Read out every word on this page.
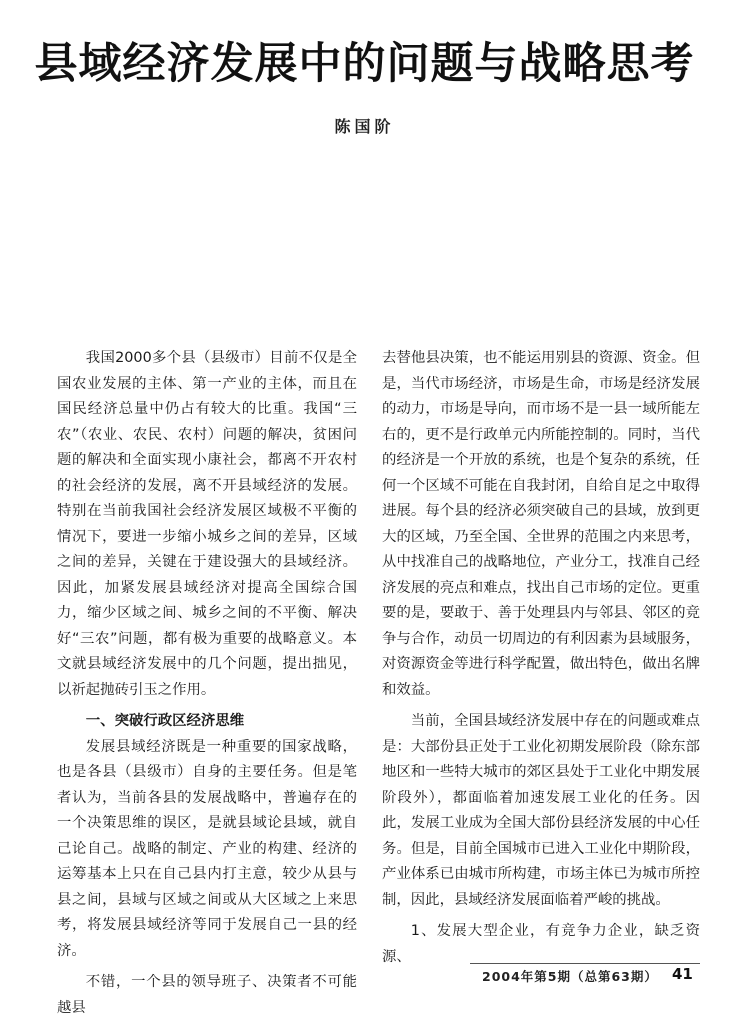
县域经济发展中的问题与战略思考
陈国阶

我国2000多个县（县级市）目前不仅是全国农业发展的主体、第一产业的主体，而且在国民经济总量中仍占有较大的比重。我国“三农”（农业、农民、农村）问题的解决，贫困问题的解决和全面实现小康社会，都离不开农村的社会经济的发展，离不开县域经济的发展。特别在当前我国社会经济发展区域极不平衡的情况下，要进一步缩小城乡之间的差异，区域之间的差异，关键在于建设强大的县域经济。因此，加紧发展县域经济对提高全国综合国力，缩少区域之间、城乡之间的不平衡、解决好“三农”问题，都有极为重要的战略意义。本文就县域经济发展中的几个问题，提出拙见，以祈起抛砖引玉之作用。

一、突破行政区经济思维

发展县域经济既是一种重要的国家战略，也是各县（县级市）自身的主要任务。但是笔者认为，当前各县的发展战略中，普遍存在的一个决策思维的误区，是就县域论县域，就自己论自己。战略的制定、产业的构建、经济的运筹基本上只在自己县内打主意，较少从县与县之间，县域与区域之间或从大区域之上来思考，将发展县域经济等同于发展自己一县的经济。

不错，一个县的领导班子、决策者不可能越县

去替他县决策，也不能运用别县的资源、资金。但是，当代市场经济，市场是生命，市场是经济发展的动力，市场是导向，而市场不是一县一域所能左右的，更不是行政单元内所能控制的。同时，当代的经济是一个开放的系统，也是个复杂的系统，任何一个区域不可能在自我封闭，自给自足之中取得进展。每个县的经济必须突破自己的县域，放到更大的区域，乃至全国、全世界的范围之内来思考，从中找准自己的战略地位，产业分工，找准自己经济发展的亮点和难点，找出自己市场的定位。更重要的是，要敢于、善于处理县内与邻县、邻区的竞争与合作，动员一切周边的有利因素为县域服务，对资源资金等进行科学配置，做出特色，做出名牌和效益。

当前，全国县域经济发展中存在的问题或难点是：大部份县正处于工业化初期发展阶段（除东部地区和一些特大城市的郊区县处于工业化中期发展阶段外），都面临着加速发展工业化的任务。因此，发展工业成为全国大部份县经济发展的中心任务。但是，目前全国城市已进入工业化中期阶段，产业体系已由城市所构建，市场主体已为城市所控制，因此，县域经济发展面临着严峻的挑战。

1、发展大型企业，有竞争力企业，缺乏资源、

2004年第5期（总第63期） 41
